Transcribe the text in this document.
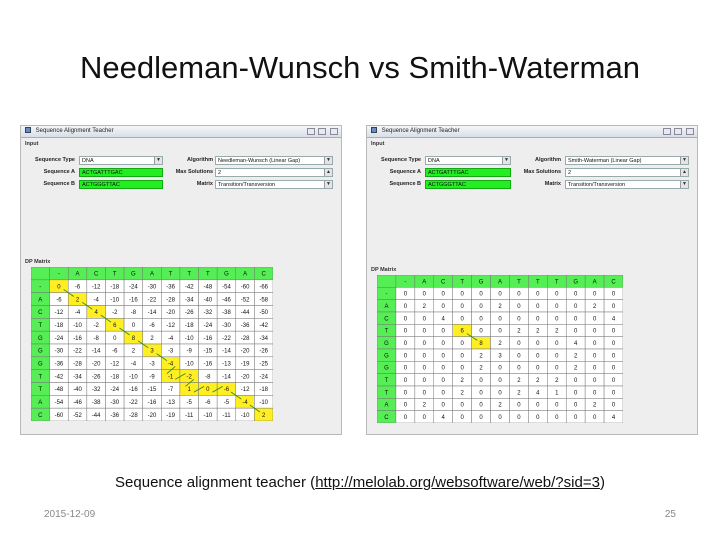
Needleman-Wunsch vs Smith-Waterman
Sequence Alignment Teacher

Input
Sequence Type	DNA	▼
Sequence A	ACTGATTTGAC
Sequence B	ACTGGGTTAC
Algorithm Needleman-Wunsch (Linear Gap)	▼
Max Solutions 2	▲
Matrix Transition/Transversion	▼
DP Matrix
-	A C T G A T T T G A C
-	0 -6 -12 -18 -24 -30 -36 -42 -48 -54 -60 -66
A -6 2 -4 -10 -16 -22 -28 -34 -40 -46 -52 -58
C -12 -4 4 -2 -8 -14 -20 -26 -32 -38 -44 -50
T -18 -10 -2 6	0 -6 -12 -18 -24 -30 -36 -42
G -24 -16 -8 0	8	2 -4 -10 -16 -22 -28 -34
G -30 -22 -14 -6 2	3 -3 -9 -15 -14 -20 -26
G -36 -28 -20 -12 -4 -3 -4 -10 -16 -13 -19 -25
T -42 -34 -26 -18 -10 -9 -1 -2 -8 -14 -20 -24
T -48 -40 -32 -24 -16 -15 -7 1	0 -6 -12 -18
A -54 -46 -38 -30 -22 -16 -13 -5 -6 -5 -4 -10
C -60 -52 -44 -36 -28 -20 -19 -11 -10 -11 -10 2
Sequence Alignment Teacher

Input
Sequence Type	DNA	▼
Sequence A	ACTGATTTGAC
Sequence B	ACTGGGTTAC
Algorithm	Smith-Waterman (Linear Gap)	▼
Max Solutions	2	▲
Matrix	Transition/Transversion	▼
DP Matrix
-	A C T G A	T	T	T G A C
-	0	0	0	0	0	0	0	0	0	0	0	0
A	0	2	0	0	0	2	0	0	0	0	2	0
C	0	0	4	0	0	0	0	0	0	0	0	4
T	0	0	0	6	0	0	2	2	2	0	0	0
G 0	0	0	0	8	2	0	0	0	4	0	0
G 0	0	0	0	2	3	0	0	0	2	0	0
G 0	0	0	0	2	0	0	0	0	2	0	0
T	0	0	0	2	0	0	2	2	2	0	0	0
T	0	0	0	2	0	0	2	4	1	0	0	0
A	0	2	0	0	0	2	0	0	0	0	2	0
C	0	0	4	0	0	0	0	0	0	0	0	4
Sequence alignment teacher (http://melolab.org/websoftware/web/?sid=3)
2015-12-09	25
